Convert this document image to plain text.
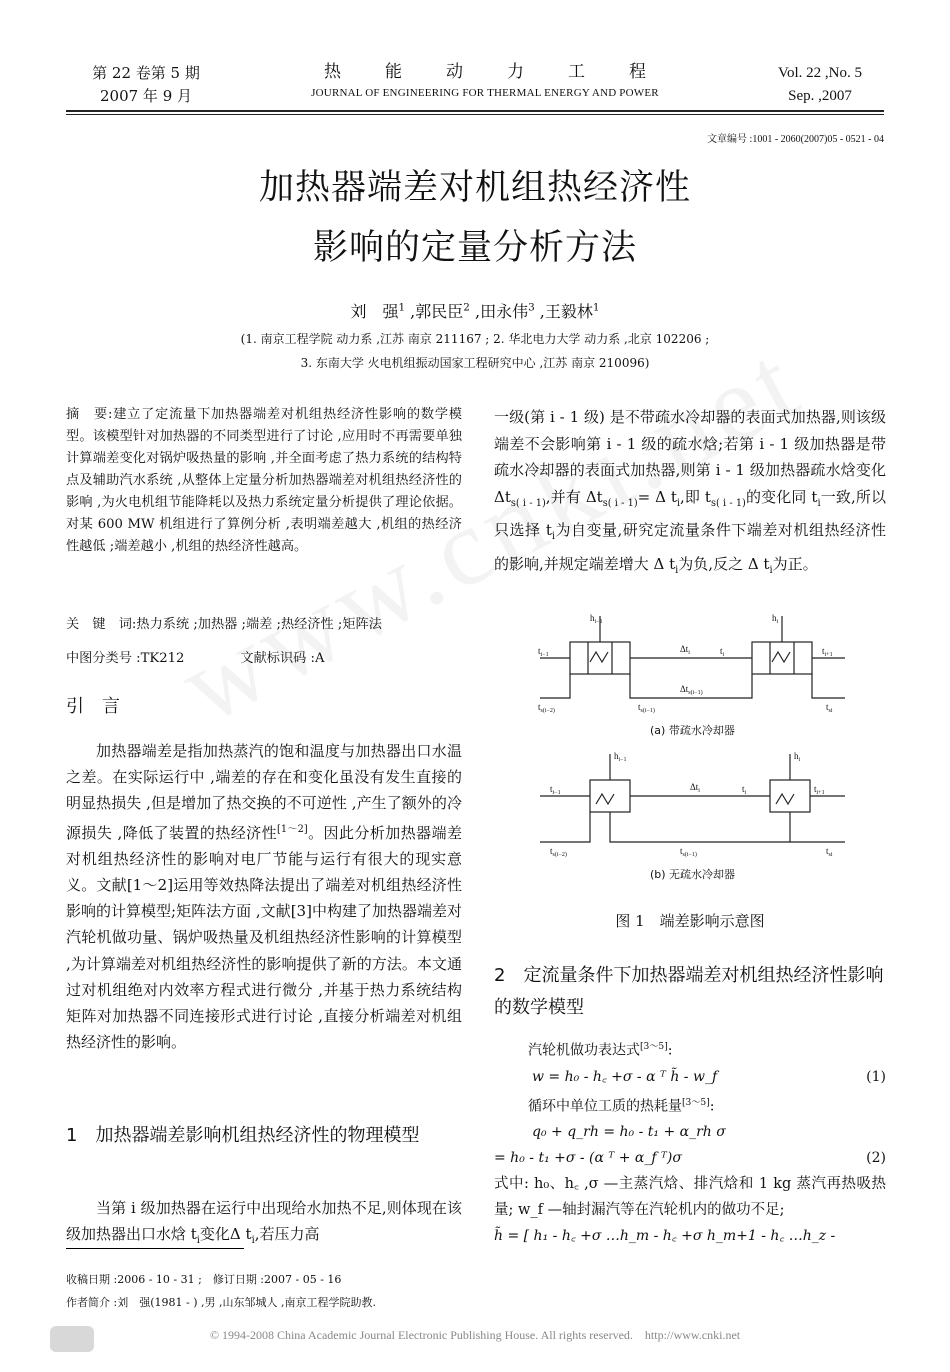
第 22 卷第 5 期
2007 年 9 月
热能动力工程
JOURNAL OF ENGINEERING FOR THERMAL ENERGY AND POWER
Vol. 22 ,No. 5
Sep. ,2007
文章编号 :1001 - 2060(2007)05 - 0521 - 04
加热器端差对机组热经济性
影响的定量分析方法
刘　强$^1$ ,郭民臣$^2$ ,田永伟$^3$ ,王毅林$^1$
(1. 南京工程学院 动力系 ,江苏 南京 211167 ; 2. 华北电力大学 动力系 ,北京 102206 ;
3. 东南大学 火电机组振动国家工程研究中心 ,江苏 南京 210096)
摘　要:建立了定流量下加热器端差对机组热经济性影响的数学模型。该模型针对加热器的不同类型进行了讨论 ,应用时不再需要单独计算端差变化对锅炉吸热量的影响 ,并全面考虑了热力系统的结构特点及辅助汽水系统 ,从整体上定量分析加热器端差对机组热经济性的影响 ,为火电机组节能降耗以及热力系统定量分析提供了理论依据。对某 600 MW 机组进行了算例分析 ,表明端差越大 ,机组的热经济性越低 ;端差越小 ,机组的热经济性越高。
关　键　词:热力系统 ;加热器 ;端差 ;热经济性 ;矩阵法
中图分类号 :TK212	文献标识码 :A
引言
加热器端差是指加热蒸汽的饱和温度与加热器出口水温之差。在实际运行中 ,端差的存在和变化虽没有发生直接的明显热损失 ,但是增加了热交换的不可逆性 ,产生了额外的冷源损失 ,降低了装置的热经济性[1～2]。因此分析加热器端差对机组热经济性的影响对电厂节能与运行有很大的现实意义。文献[1～2]运用等效热降法提出了端差对机组热经济性影响的计算模型;矩阵法方面 ,文献[3]中构建了加热器端差对汽轮机做功量、锅炉吸热量及机组热经济性影响的计算模型 ,为计算端差对机组热经济性的影响提供了新的方法。本文通过对机组绝对内效率方程式进行微分 ,并基于热力系统结构矩阵对加热器不同连接形式进行讨论 ,直接分析端差对机组热经济性的影响。
1　加热器端差影响机组热经济性的物理模型
当第 i 级加热器在运行中出现给水加热不足,则体现在该级加热器出口水焓 $t_i$变化Δ $t_i$,若压力高
收稿日期 :2006 - 10 - 31 ;　修订日期 :2007 - 05 - 16
作者简介 :刘　强(1981 - ) ,男 ,山东邹城人 ,南京工程学院助教.
一级(第 i - 1 级) 是不带疏水冷却器的表面式加热器,则该级端差不会影响第 i - 1 级的疏水焓;若第 i - 1 级加热器是带疏水冷却器的表面式加热器,则第 i - 1 级加热器疏水焓变化 $\Delta t_{s( i - 1)}$,并有 $\Delta t_{s( i - 1)}= \Delta$ $t_i$,即 $t_{s( i - 1)}$的变化同 $t_i$一致,所以只选择 $t_i$为自变量,研究定流量条件下端差对机组热经济性的影响,并规定端差增大 Δ $t_i$为负,反之 Δ $t_i$为正。
$h_{i-1}$	$h_i$
$\Delta t_i$
$t_{i-1}$	$t_i$	$t_{i+1}$
$\Delta t_{s(i-1)}$
$t_{s(i-2)}$	$t_{s(i-1)}$	$t_{si}$
(a) 带疏水冷却器
$h_{i-1}$	$h_i$
$\Delta t_i$
$t_{i-1}$	$t_i$	$t_{i+1}$
$t_{s(i-2)}$	$t_{s(i-1)}$	$t_{si}$
(b) 无疏水冷却器
图 1　端差影响示意图
2　定流量条件下加热器端差对机组热经济性影响的数学模型
汽轮机做功表达式[3～5]:
w = h₀ - h꜀ +σ - α ᵀ h̃ - w_f	(1)
循环中单位工质的热耗量[3～5]:
q₀ + q_rh = h₀ - t₁ + α_rh σ
= h₀ - t₁ +σ - (α ᵀ + α_f ᵀ)σ	(2)
式中: h₀、h꜀ ,σ —主蒸汽焓、排汽焓和 1 kg 蒸汽再热吸热量; w_f —轴封漏汽等在汽轮机内的做功不足;
h̃ = [ h₁ - h꜀ +σ …h_m - h꜀ +σ h_m+1 - h꜀ …h_z -
© 1994-2008 China Academic Journal Electronic Publishing House. All rights reserved.　http://www.cnki.net
